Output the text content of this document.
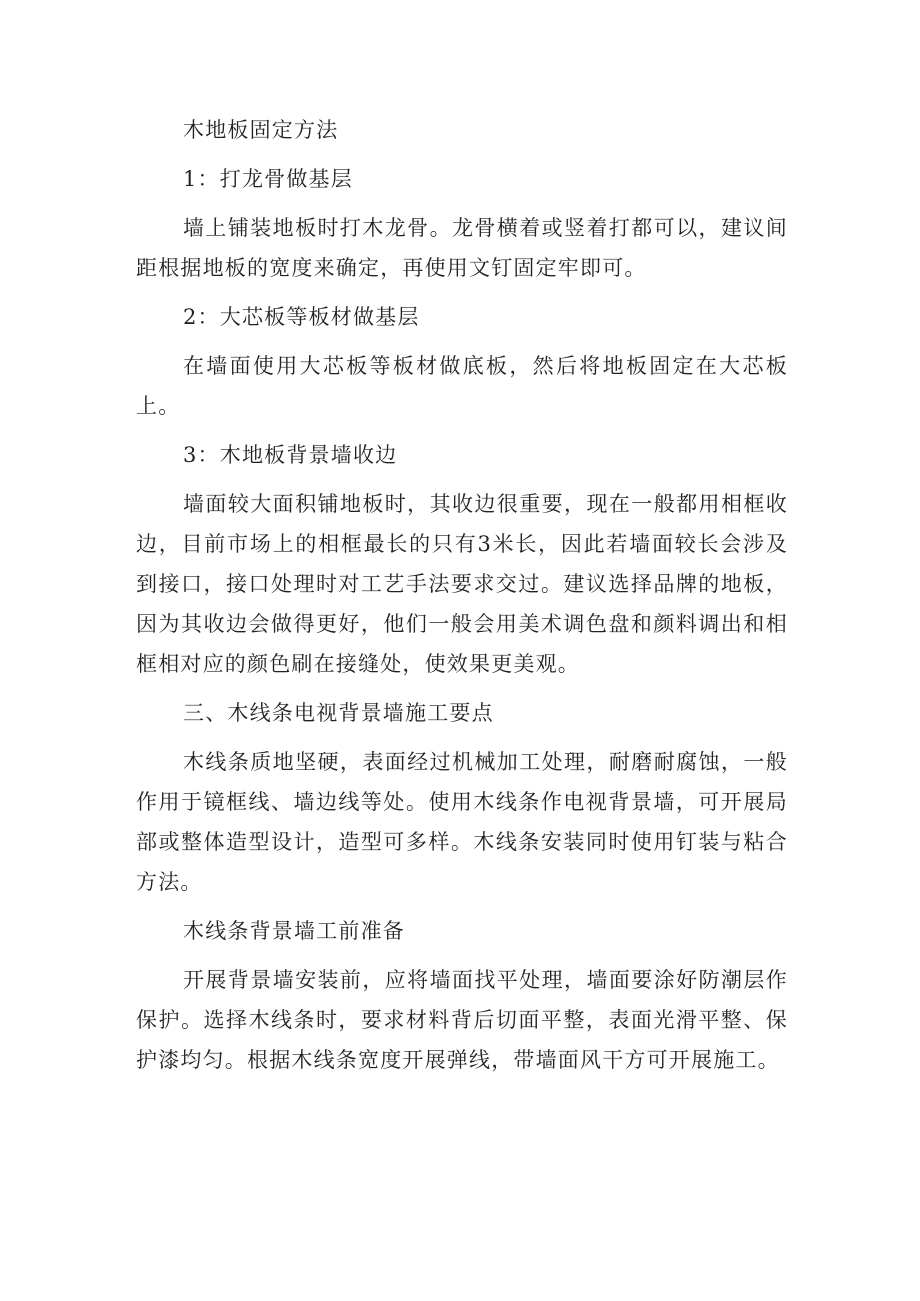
木地板固定方法

1：打龙骨做基层

墙上铺装地板时打木龙骨。龙骨横着或竖着打都可以，建议间距根据地板的宽度来确定，再使用文钉固定牢即可。

2：大芯板等板材做基层

在墙面使用大芯板等板材做底板，然后将地板固定在大芯板上。

3：木地板背景墙收边

墙面较大面积铺地板时，其收边很重要，现在一般都用相框收边，目前市场上的相框最长的只有3米长，因此若墙面较长会涉及到接口，接口处理时对工艺手法要求交过。建议选择品牌的地板，因为其收边会做得更好，他们一般会用美术调色盘和颜料调出和相框相对应的颜色刷在接缝处，使效果更美观。

三、木线条电视背景墙施工要点

木线条质地坚硬，表面经过机械加工处理，耐磨耐腐蚀，一般作用于镜框线、墙边线等处。使用木线条作电视背景墙，可开展局部或整体造型设计，造型可多样。木线条安装同时使用钉装与粘合方法。

木线条背景墙工前准备

开展背景墙安装前，应将墙面找平处理，墙面要涂好防潮层作保护。选择木线条时，要求材料背后切面平整，表面光滑平整、保护漆均匀。根据木线条宽度开展弹线，带墙面风干方可开展施工。
